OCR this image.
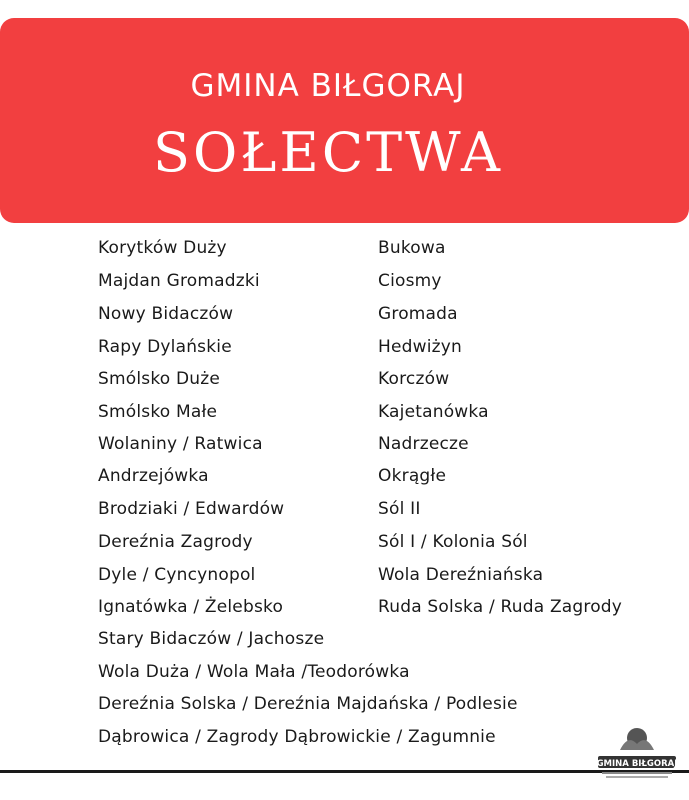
GMINA BIŁGORAJ
SOŁECTWA
Korytków Duży
Majdan Gromadzki
Nowy Bidaczów
Rapy Dylańskie
Smólsko Duże
Smólsko Małe
Wolaniny / Ratwica
Andrzejówka
Brodziaki / Edwardów
Dereźnia Zagrody
Dyle / Cyncynopol
Ignatówka / Żelebsko
Stary Bidaczów / Jachosze
Wola Duża / Wola Mała /Teodorówka
Dereźnia Solska / Dereźnia Majdańska / Podlesie
Dąbrowica / Zagrody Dąbrowickie / Zagumnie
Bukowa
Ciosmy
Gromada
Hedwiżyn
Korczów
Kajetanówka
Nadrzecze
Okrągłe
Sól II
Sól I / Kolonia Sól
Wola Dereźniańska
Ruda Solska / Ruda Zagrody
GMINA BIŁGORAJ
